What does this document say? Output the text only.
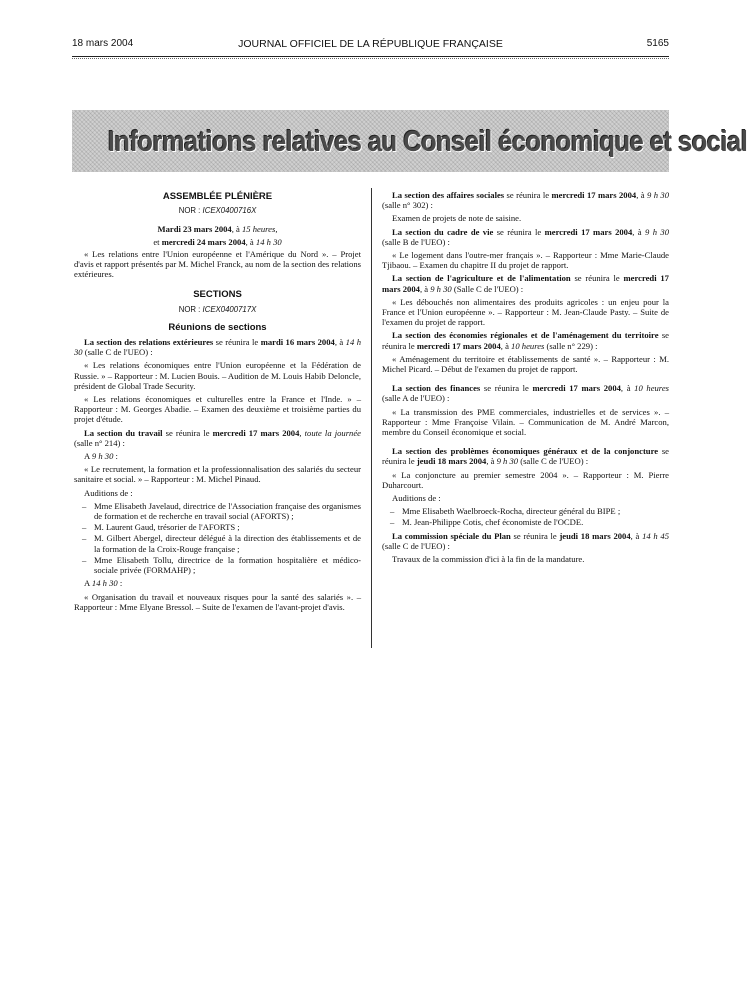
18 mars 2004	JOURNAL OFFICIEL DE LA RÉPUBLIQUE FRANÇAISE	5165
Informations relatives au Conseil économique et social
ASSEMBLÉE PLÉNIÈRE
NOR : ICEX0400716X
Mardi 23 mars 2004, à 15 heures,
et mercredi 24 mars 2004, à 14 h 30

« Les relations entre l'Union européenne et l'Amérique du Nord ». – Projet d'avis et rapport présentés par M. Michel Franck, au nom de la section des relations extérieures.

SECTIONS
NOR : ICEX0400717X
Réunions de sections

La section des relations extérieures se réunira le mardi 16 mars 2004, à 14 h 30 (salle C de l'UEO) :

« Les relations économiques entre l'Union européenne et la Fédération de Russie. » – Rapporteur : M. Lucien Bouis. – Audition de M. Louis Habib Deloncle, président de Global Trade Security.

« Les relations économiques et culturelles entre la France et l'Inde. » – Rapporteur : M. Georges Abadie. – Examen des deuxième et troisième parties du projet d'étude.

La section du travail se réunira le mercredi 17 mars 2004, toute la journée (salle n° 214) :

A 9 h 30 :

« Le recrutement, la formation et la professionnalisation des salariés du secteur sanitaire et social. » – Rapporteur : M. Michel Pinaud.

Auditions de :

– Mme Elisabeth Javelaud, directrice de l'Association française des organismes de formation et de recherche en travail social (AFORTS) ;
– M. Laurent Gaud, trésorier de l'AFORTS ;
– M. Gilbert Abergel, directeur délégué à la direction des établissements et de la formation de la Croix-Rouge française ;
– Mme Elisabeth Tollu, directrice de la formation hospitalière et médico-sociale privée (FORMAHP) ;

A 14 h 30 :

« Organisation du travail et nouveaux risques pour la santé des salariés ». – Rapporteur : Mme Elyane Bressol. – Suite de l'examen de l'avant-projet d'avis.

La section des affaires sociales se réunira le mercredi 17 mars 2004, à 9 h 30 (salle n° 302) :

Examen de projets de note de saisine.

La section du cadre de vie se réunira le mercredi 17 mars 2004, à 9 h 30 (salle B de l'UEO) :

« Le logement dans l'outre-mer français ». – Rapporteur : Mme Marie-Claude Tjibaou. – Examen du chapitre II du projet de rapport.

La section de l'agriculture et de l'alimentation se réunira le mercredi 17 mars 2004, à 9 h 30 (Salle C de l'UEO) :

« Les débouchés non alimentaires des produits agricoles : un enjeu pour la France et l'Union européenne ». – Rapporteur : M. Jean-Claude Pasty. – Suite de l'examen du projet de rapport.

La section des économies régionales et de l'aménagement du territoire se réunira le mercredi 17 mars 2004, à 10 heures (salle n° 229) :

« Aménagement du territoire et établissements de santé ». – Rapporteur : M. Michel Picard. – Début de l'examen du projet de rapport.

La section des finances se réunira le mercredi 17 mars 2004, à 10 heures (salle A de l'UEO) :

« La transmission des PME commerciales, industrielles et de services ». – Rapporteur : Mme Françoise Vilain. – Communication de M. André Marcon, membre du Conseil économique et social.

La section des problèmes économiques généraux et de la conjoncture se réunira le jeudi 18 mars 2004, à 9 h 30 (salle C de l'UEO) :

« La conjoncture au premier semestre 2004 ». – Rapporteur : M. Pierre Duharcourt.

Auditions de :

– Mme Elisabeth Waelbroeck-Rocha, directeur général du BIPE ;
– M. Jean-Philippe Cotis, chef économiste de l'OCDE.

La commission spéciale du Plan se réunira le jeudi 18 mars 2004, à 14 h 45 (salle C de l'UEO) :

Travaux de la commission d'ici à la fin de la mandature.
